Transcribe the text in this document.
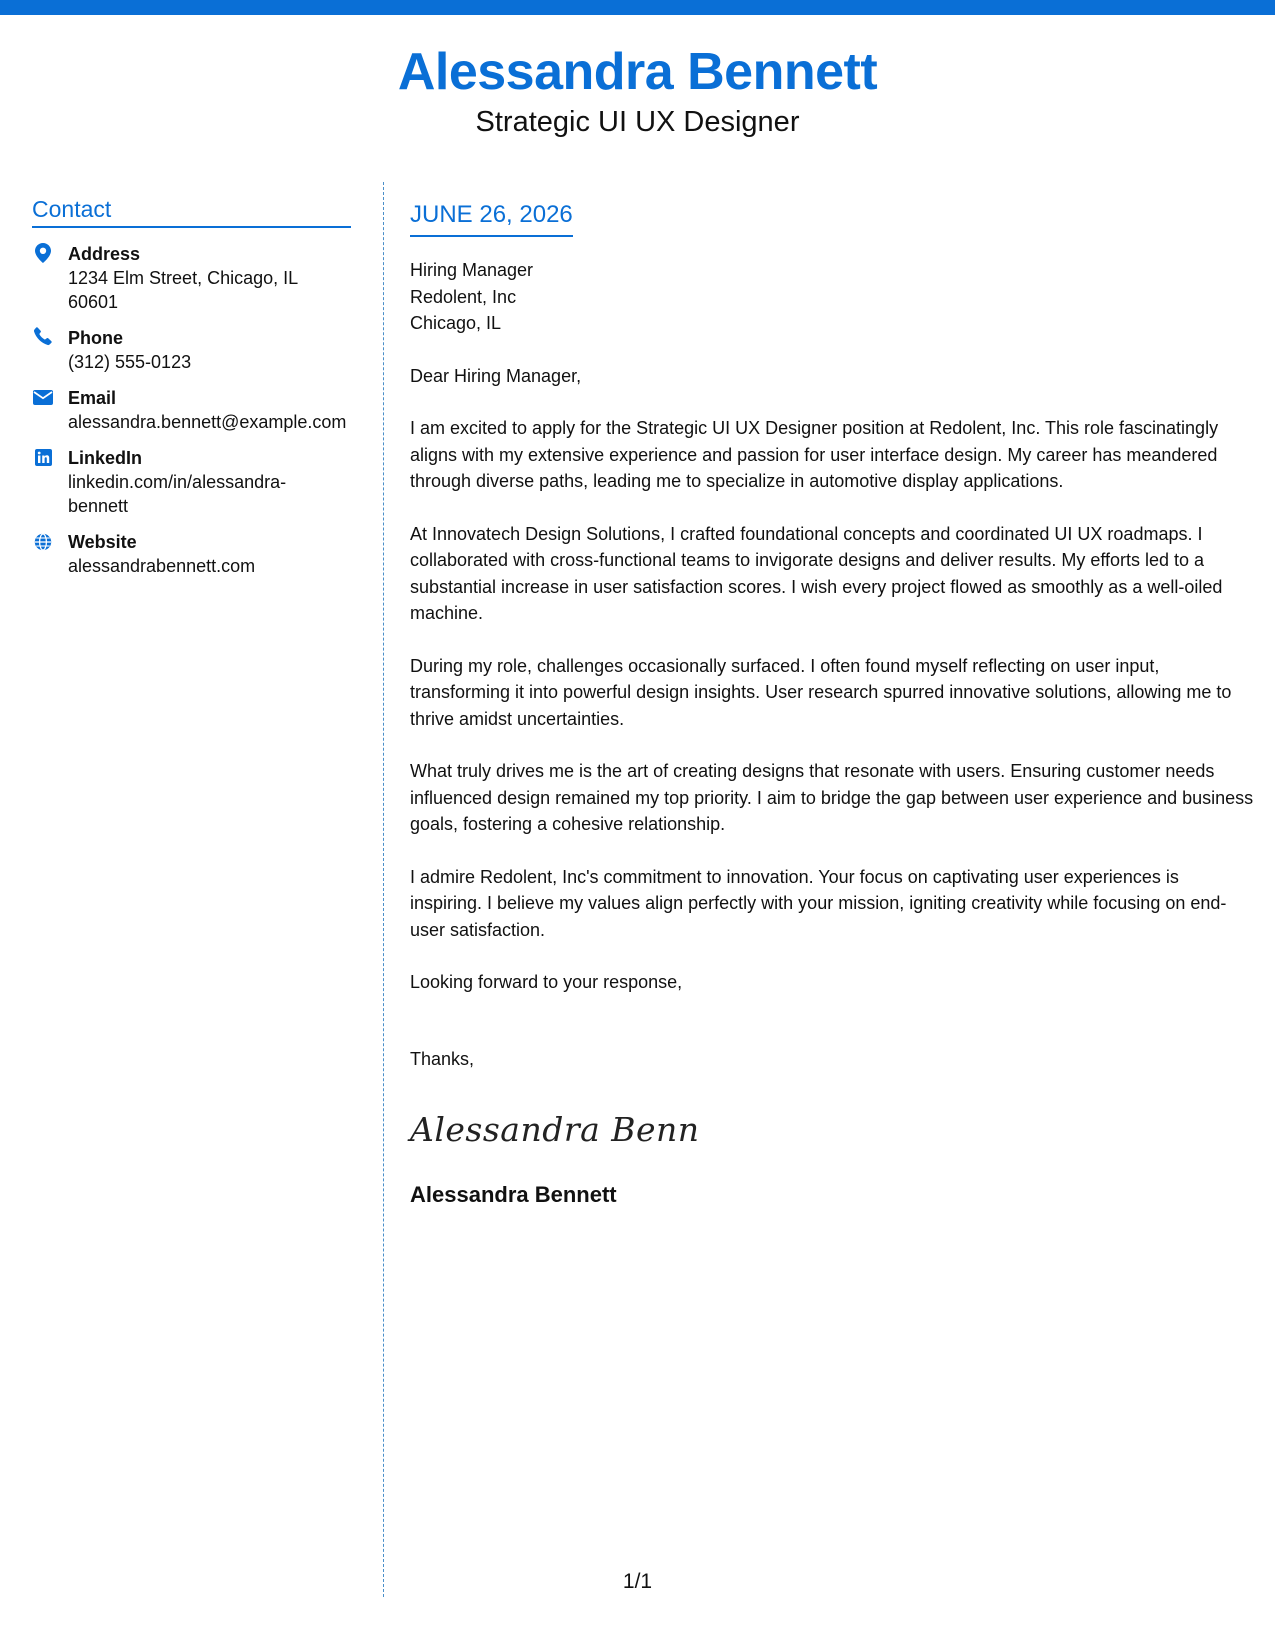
Alessandra Bennett
Strategic UI UX Designer
Contact
Address
1234 Elm Street, Chicago, IL 60601
Phone
(312) 555-0123
Email
alessandra.bennett@example.com
LinkedIn
linkedin.com/in/alessandra-bennett
Website
alessandrabennett.com
JUNE 26, 2026
Hiring Manager
Redolent, Inc
Chicago, IL

Dear Hiring Manager,

I am excited to apply for the Strategic UI UX Designer position at Redolent, Inc. This role fascinatingly aligns with my extensive experience and passion for user interface design. My career has meandered through diverse paths, leading me to specialize in automotive display applications.

At Innovatech Design Solutions, I crafted foundational concepts and coordinated UI UX roadmaps. I collaborated with cross-functional teams to invigorate designs and deliver results. My efforts led to a substantial increase in user satisfaction scores. I wish every project flowed as smoothly as a well-oiled machine.

During my role, challenges occasionally surfaced. I often found myself reflecting on user input, transforming it into powerful design insights. User research spurred innovative solutions, allowing me to thrive amidst uncertainties.

What truly drives me is the art of creating designs that resonate with users. Ensuring customer needs influenced design remained my top priority. I aim to bridge the gap between user experience and business goals, fostering a cohesive relationship.

I admire Redolent, Inc's commitment to innovation. Your focus on captivating user experiences is inspiring. I believe my values align perfectly with your mission, igniting creativity while focusing on end-user satisfaction.

Looking forward to your response,

Thanks,
Alessandra Benn
Alessandra Bennett
1/1
